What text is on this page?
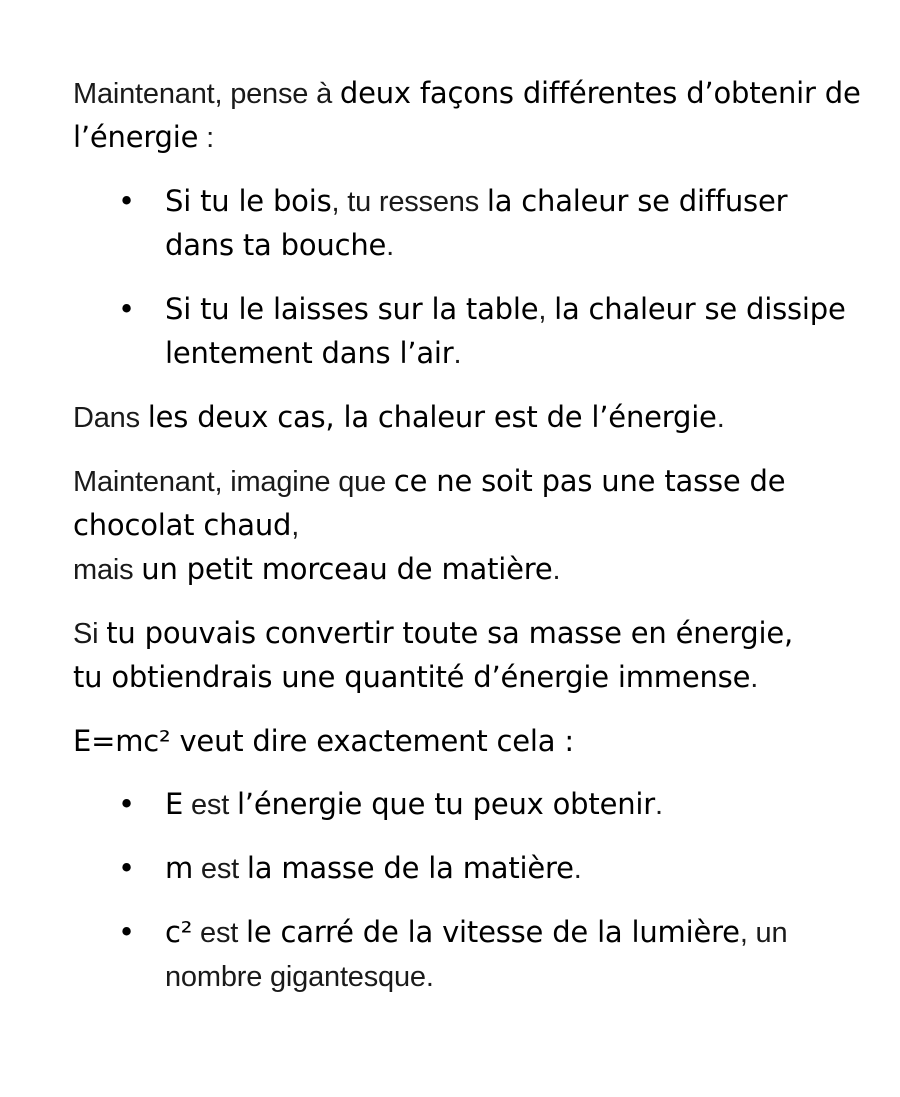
Maintenant, pense à deux façons différentes d’obtenir de l’énergie :

• Si tu le bois, tu ressens la chaleur se diffuser dans ta bouche.
• Si tu le laisses sur la table, la chaleur se dissipe lentement dans l’air.

Dans les deux cas, la chaleur est de l’énergie.

Maintenant, imagine que ce ne soit pas une tasse de chocolat chaud,
mais un petit morceau de matière.

Si tu pouvais convertir toute sa masse en énergie,
tu obtiendrais une quantité d’énergie immense.

E=mc² veut dire exactement cela :

• E est l’énergie que tu peux obtenir.
• m est la masse de la matière.
• c² est le carré de la vitesse de la lumière, un nombre gigantesque.
